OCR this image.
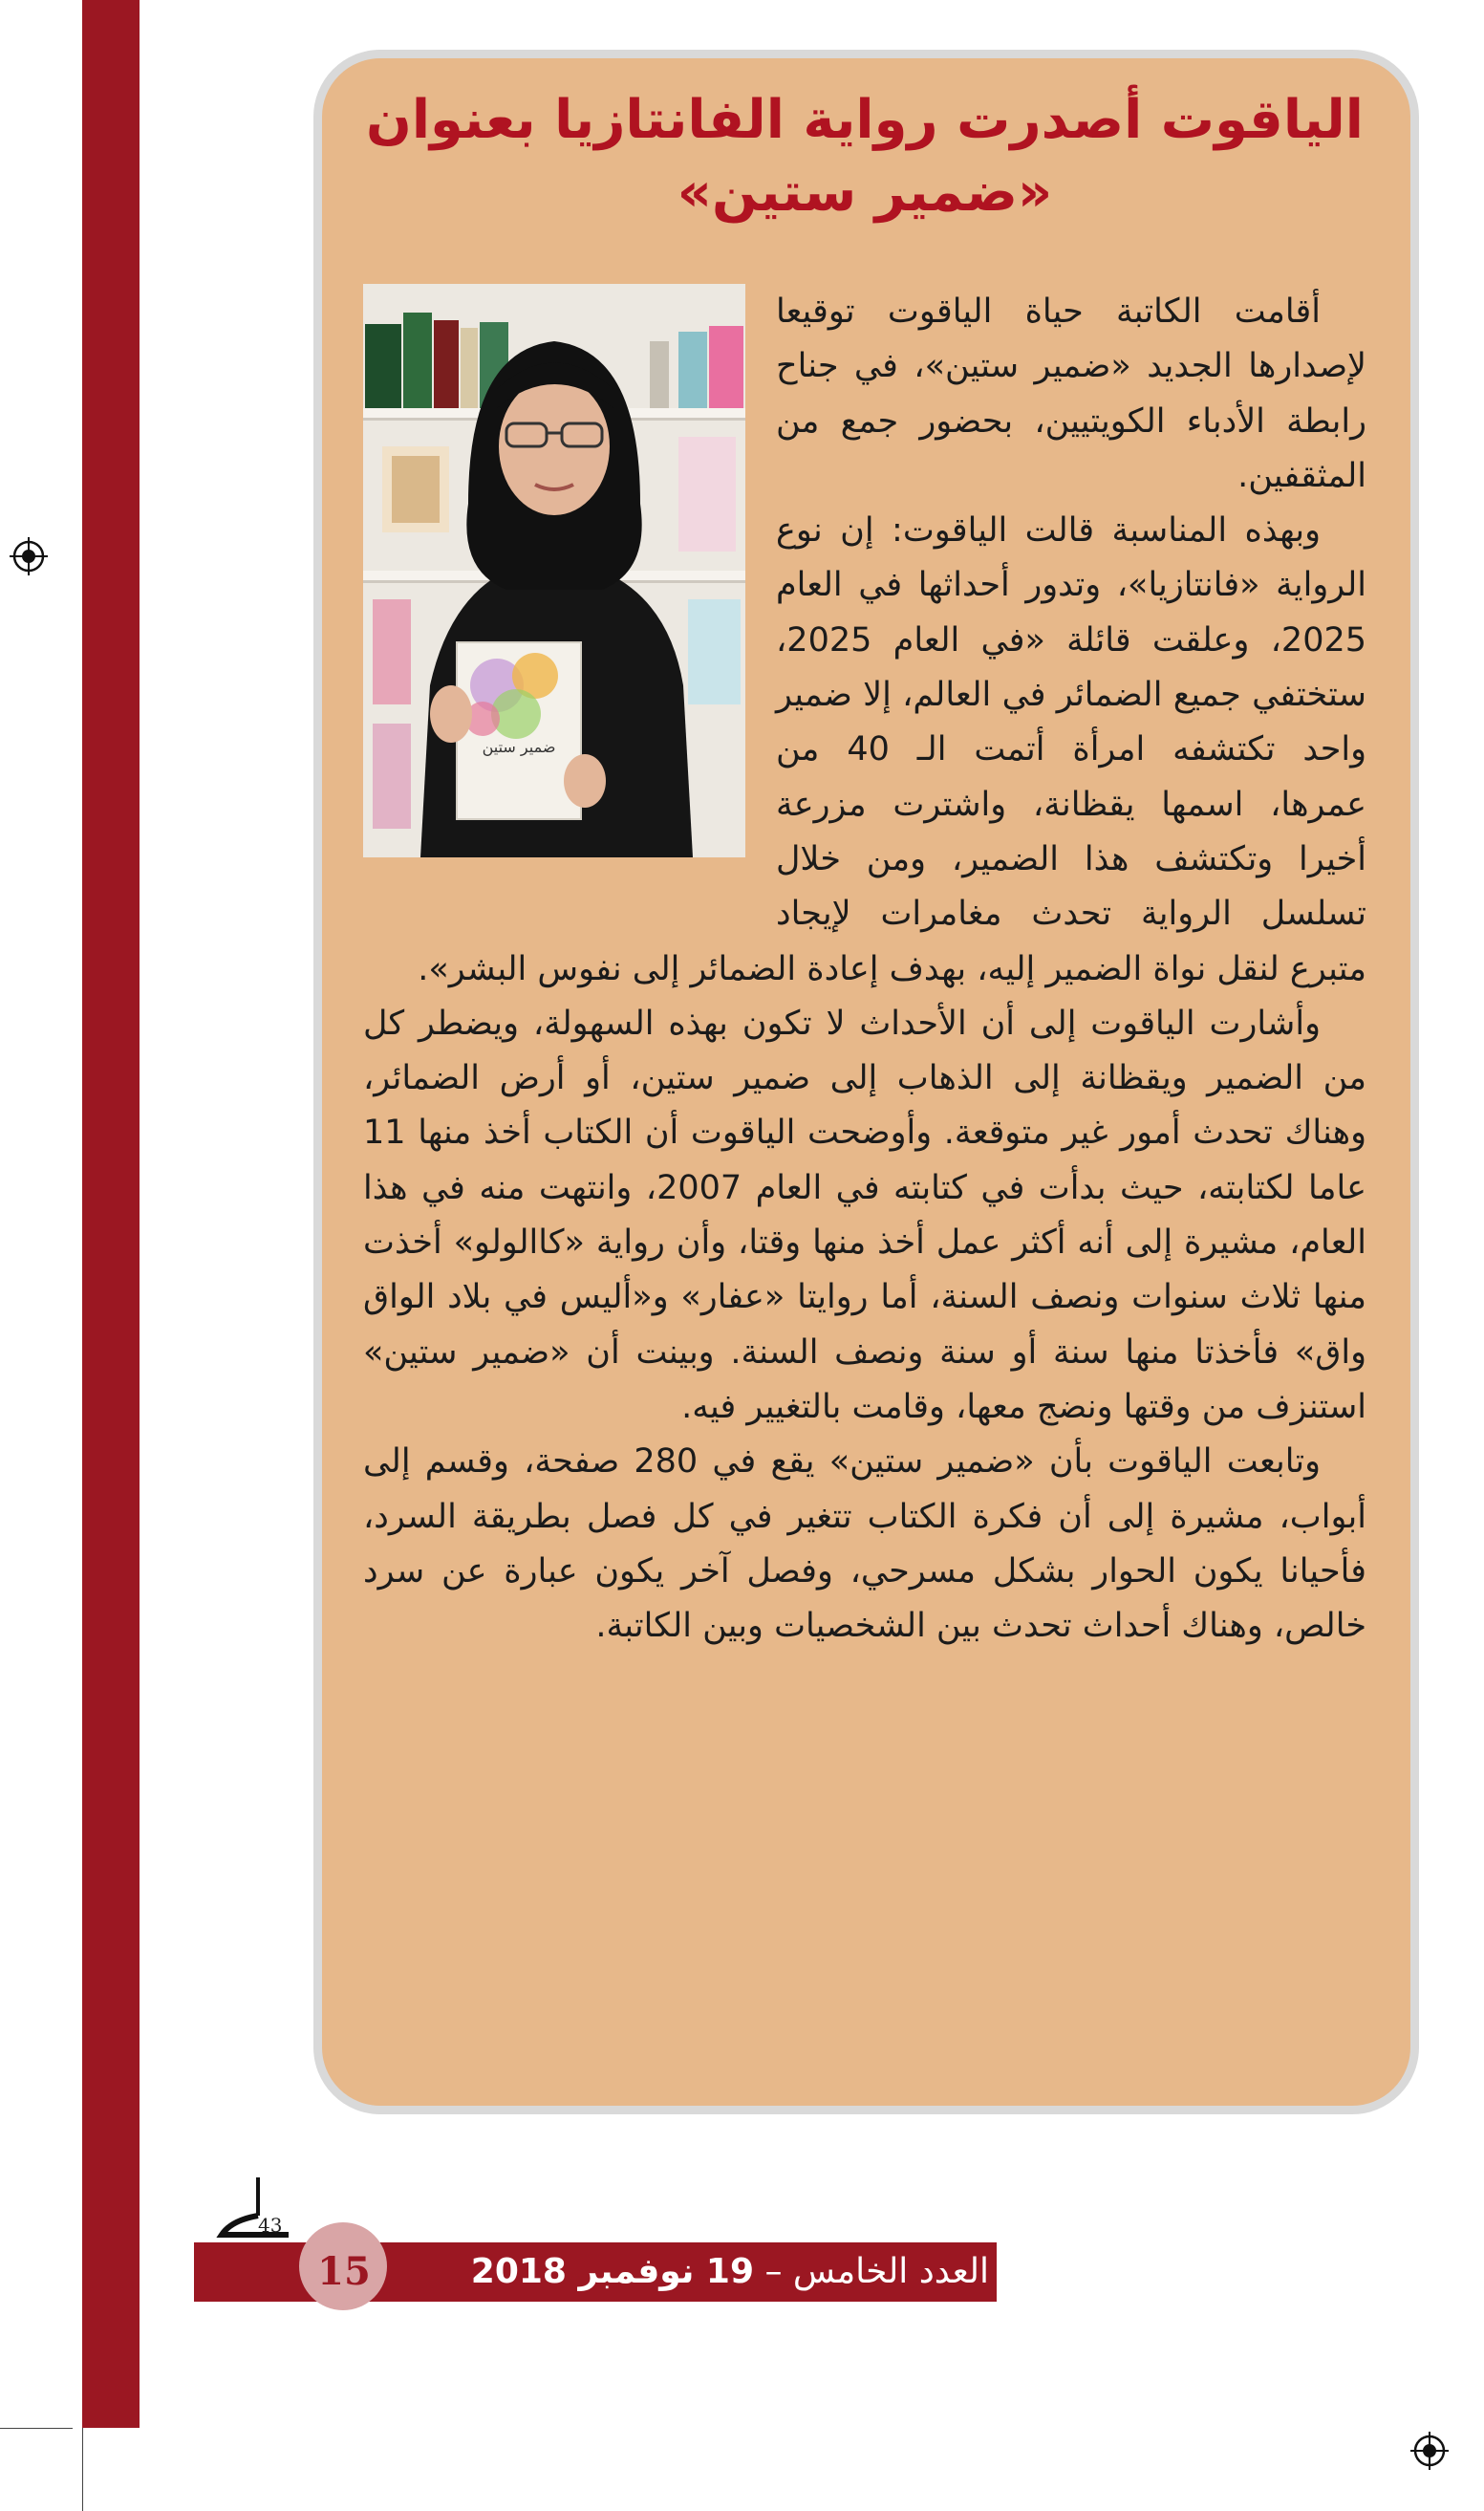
الياقوت أصدرت رواية الفانتازيا بعنوان «ضمير ستين»
ضمير ستين

أقامت الكاتبة حياة الياقوت توقيعا لإصدارها الجديد «ضمير ستين»، في جناح رابطة الأدباء الكويتيين، بحضور جمع من المثقفين.

وبهذه المناسبة قالت الياقوت: إن نوع الرواية «فانتازيا»، وتدور أحداثها في العام 2025، وعلقت قائلة «في العام 2025، ستختفي جميع الضمائر في العالم، إلا ضمير واحد تكتشفه امرأة أتمت الـ 40 من عمرها، اسمها يقظانة، واشترت مزرعة أخيرا وتكتشف هذا الضمير، ومن خلال تسلسل الرواية تحدث مغامرات لإيجاد متبرع لنقل نواة الضمير إليه، بهدف إعادة الضمائر إلى نفوس البشر».

وأشارت الياقوت إلى أن الأحداث لا تكون بهذه السهولة، ويضطر كل من الضمير ويقظانة إلى الذهاب إلى ضمير ستين، أو أرض الضمائر، وهناك تحدث أمور غير متوقعة. وأوضحت الياقوت أن الكتاب أخذ منها 11 عاما لكتابته، حيث بدأت في كتابته في العام 2007، وانتهت منه في هذا العام، مشيرة إلى أنه أكثر عمل أخذ منها وقتا، وأن رواية «كاالولو» أخذت منها ثلاث سنوات ونصف السنة، أما روايتا «عفار» و«أليس في بلاد الواق واق» فأخذتا منها سنة أو سنة ونصف السنة. وبينت أن «ضمير ستين» استنزف من وقتها ونضج معها، وقامت بالتغيير فيه.

وتابعت الياقوت بأن «ضمير ستين» يقع في 280 صفحة، وقسم إلى أبواب، مشيرة إلى أن فكرة الكتاب تتغير في كل فصل بطريقة السرد، فأحيانا يكون الحوار بشكل مسرحي، وفصل آخر يكون عبارة عن سرد خالص، وهناك أحداث تحدث بين الشخصيات وبين الكاتبة.

43
15	العدد الخامس – 19 نوفمبر 2018
